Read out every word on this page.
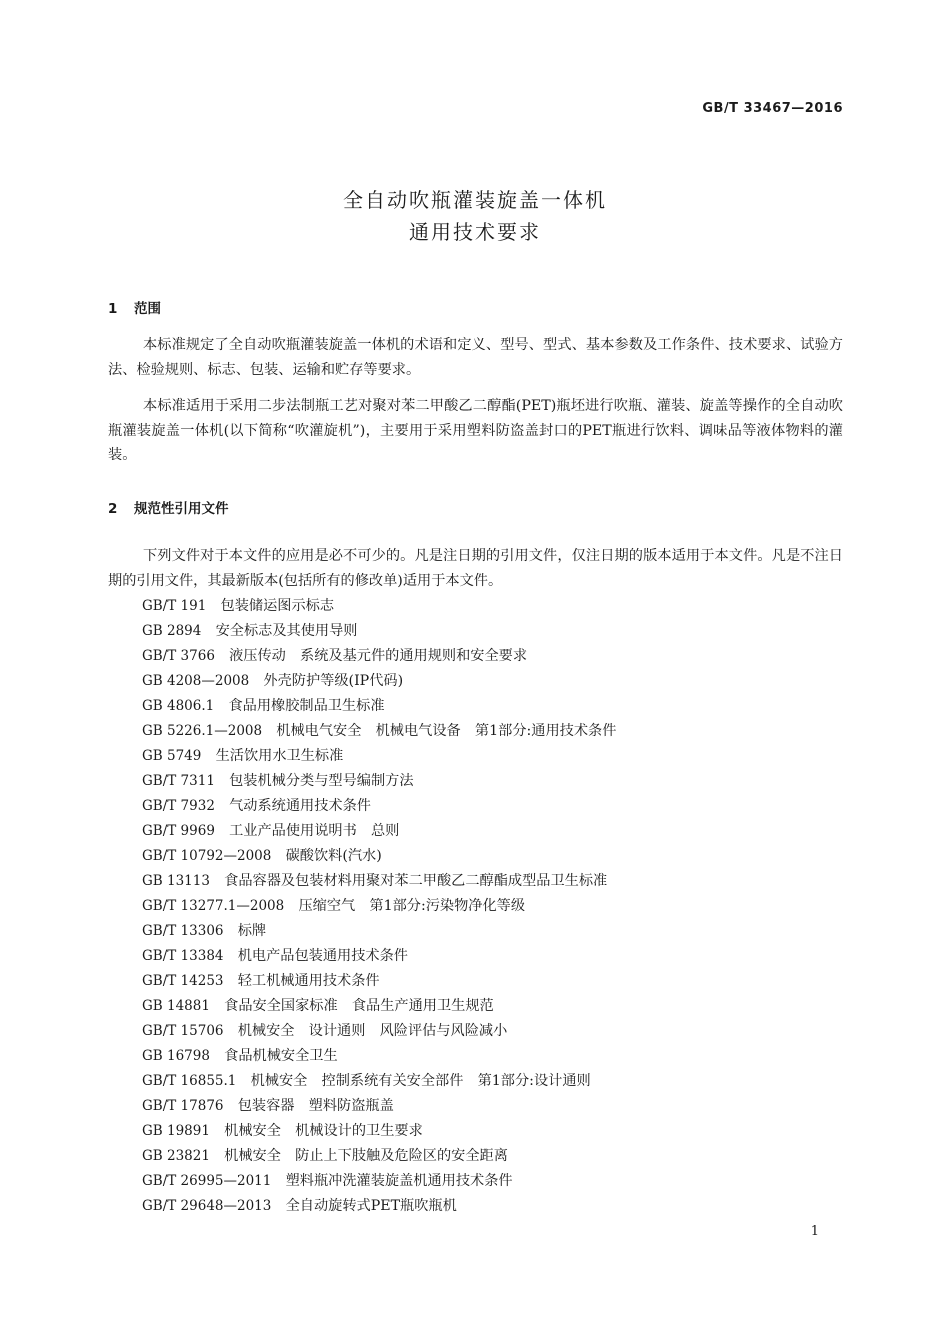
GB/T 33467—2016
全自动吹瓶灌装旋盖一体机
通用技术要求
1 范围

本标准规定了全自动吹瓶灌装旋盖一体机的术语和定义、型号、型式、基本参数及工作条件、技术要求、试验方法、检验规则、标志、包装、运输和贮存等要求。

本标准适用于采用二步法制瓶工艺对聚对苯二甲酸乙二醇酯(PET)瓶坯进行吹瓶、灌装、旋盖等操作的全自动吹瓶灌装旋盖一体机(以下简称“吹灌旋机”)，主要用于采用塑料防盗盖封口的PET瓶进行饮料、调味品等液体物料的灌装。

2 规范性引用文件

下列文件对于本文件的应用是必不可少的。凡是注日期的引用文件，仅注日期的版本适用于本文件。凡是不注日期的引用文件，其最新版本(包括所有的修改单)适用于本文件。

GB/T 191　 包装储运图示标志
GB 2894　 安全标志及其使用导则
GB/T 3766　 液压传动　系统及基元件的通用规则和安全要求
GB 4208—2008　 外壳防护等级(IP代码)
GB 4806.1　 食品用橡胶制品卫生标准
GB 5226.1—2008　 机械电气安全　机械电气设备　第1部分:通用技术条件
GB 5749　 生活饮用水卫生标准
GB/T 7311　 包装机械分类与型号编制方法
GB/T 7932　 气动系统通用技术条件
GB/T 9969　 工业产品使用说明书　总则
GB/T 10792—2008　 碳酸饮料(汽水)
GB 13113　 食品容器及包装材料用聚对苯二甲酸乙二醇酯成型品卫生标准
GB/T 13277.1—2008　 压缩空气　第1部分:污染物净化等级
GB/T 13306　 标牌
GB/T 13384　 机电产品包装通用技术条件
GB/T 14253　 轻工机械通用技术条件
GB 14881　 食品安全国家标准　食品生产通用卫生规范
GB/T 15706　 机械安全　设计通则　风险评估与风险减小
GB 16798　 食品机械安全卫生
GB/T 16855.1　 机械安全　控制系统有关安全部件　第1部分:设计通则
GB/T 17876　 包装容器　塑料防盗瓶盖
GB 19891　 机械安全　机械设计的卫生要求
GB 23821　 机械安全　防止上下肢触及危险区的安全距离
GB/T 26995—2011　 塑料瓶冲洗灌装旋盖机通用技术条件
GB/T 29648—2013　 全自动旋转式PET瓶吹瓶机
1
